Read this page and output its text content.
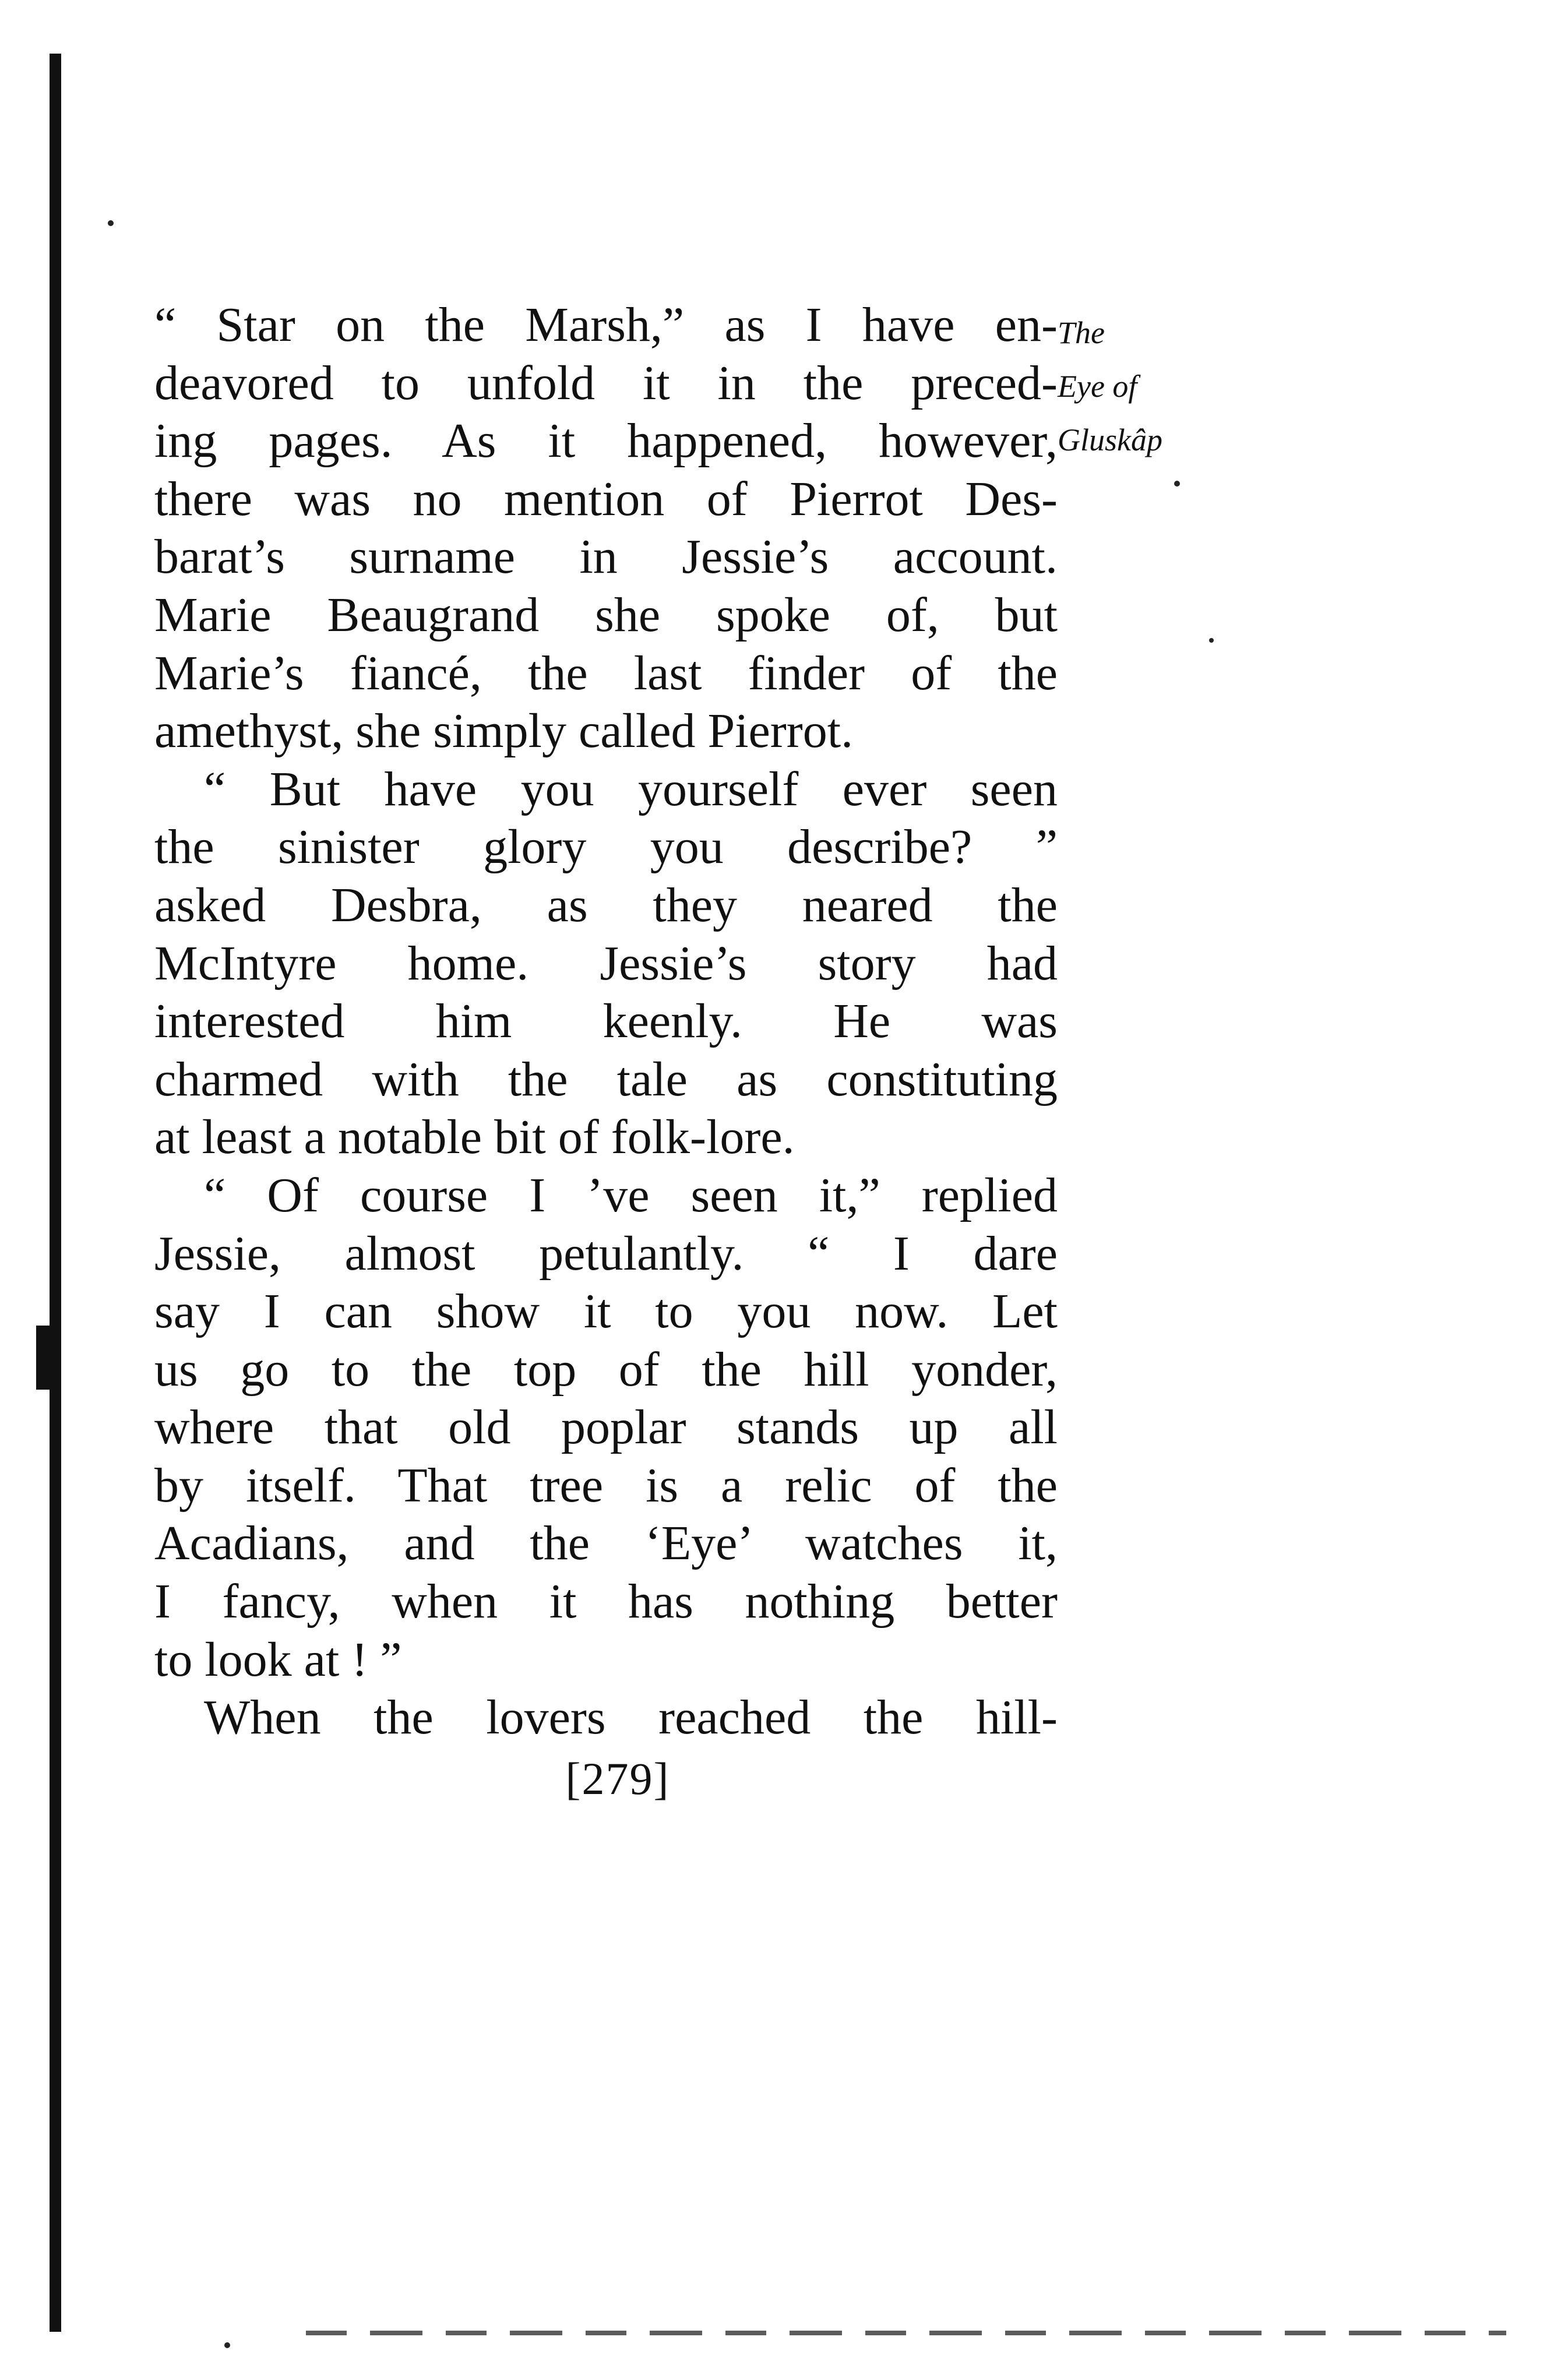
“ Star on the Marsh,” as I have en-
deavored to unfold it in the preced-
ing pages. As it happened, however,
there was no mention of Pierrot Des-
barat’s surname in Jessie’s account.
Marie Beaugrand she spoke of, but
Marie’s fiancé, the last finder of the
amethyst, she simply called Pierrot.
“ But have you yourself ever seen
the sinister glory you describe? ”
asked Desbra, as they neared the
McIntyre home. Jessie’s story had
interested him keenly. He was
charmed with the tale as constituting
at least a notable bit of folk-lore.
“ Of course I ’ve seen it,” replied
Jessie, almost petulantly. “ I dare
say I can show it to you now. Let
us go to the top of the hill yonder,
where that old poplar stands up all
by itself. That tree is a relic of the
Acadians, and the ‘Eye’ watches it,
I fancy, when it has nothing better
to look at ! ”
When the lovers reached the hill-
The
Eye of
Gluskâp
[279]
